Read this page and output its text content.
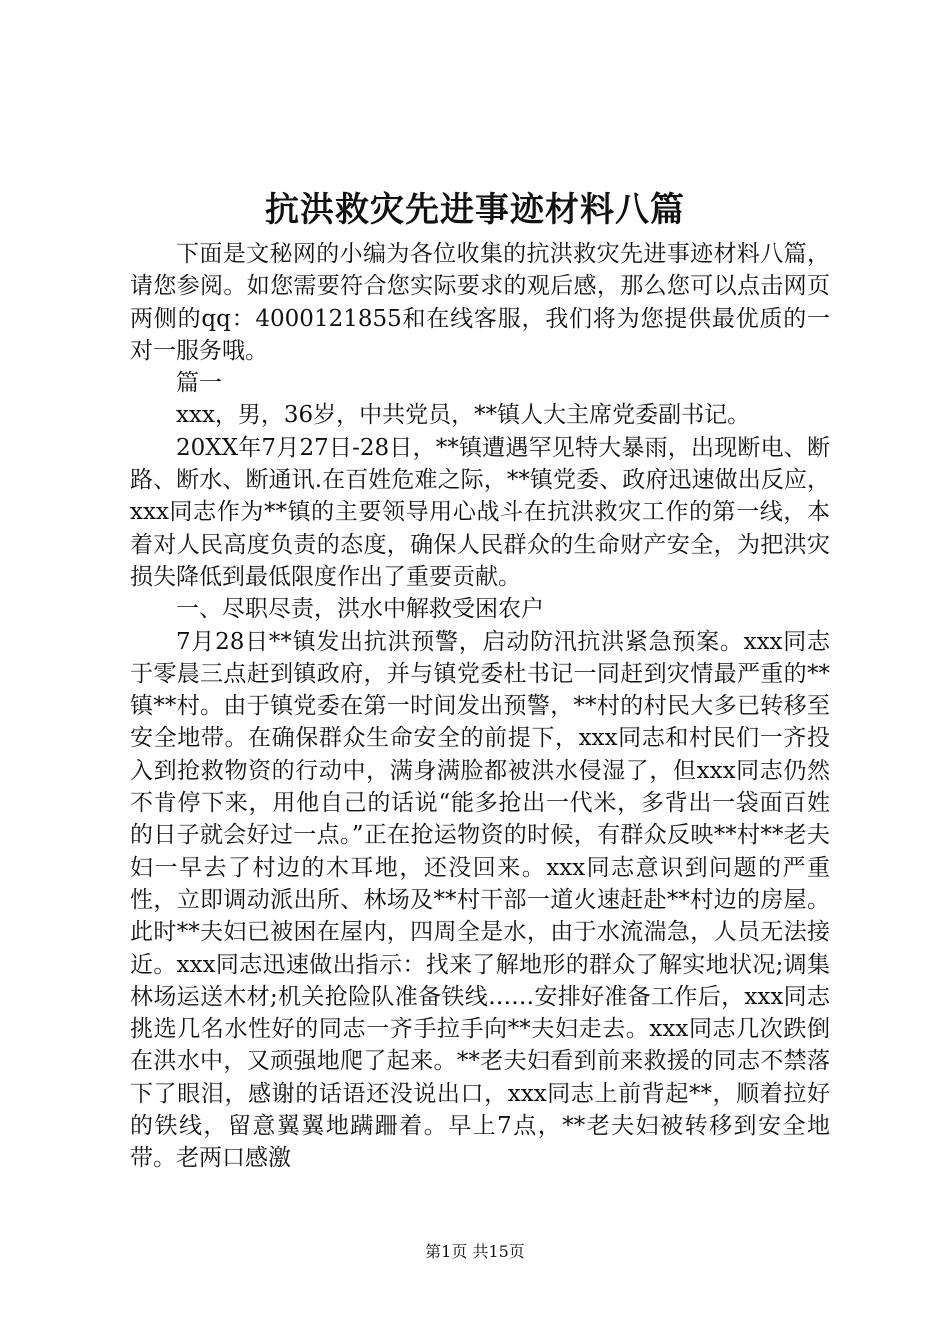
抗洪救灾先进事迹材料八篇

下面是文秘网的小编为各位收集的抗洪救灾先进事迹材料八篇，请您参阅。如您需要符合您实际要求的观后感，那么您可以点击网页两侧的qq：4000121855和在线客服，我们将为您提供最优质的一对一服务哦。

篇一

xxx，男，36岁，中共党员，**镇人大主席党委副书记。

20XX年7月27日-28日，**镇遭遇罕见特大暴雨，出现断电、断路、断水、断通讯.在百姓危难之际，**镇党委、政府迅速做出反应，xxx同志作为**镇的主要领导用心战斗在抗洪救灾工作的第一线，本着对人民高度负责的态度，确保人民群众的生命财产安全，为把洪灾损失降低到最低限度作出了重要贡献。

一、尽职尽责，洪水中解救受困农户

7月28日**镇发出抗洪预警，启动防汛抗洪紧急预案。xxx同志于零晨三点赶到镇政府，并与镇党委杜书记一同赶到灾情最严重的**镇**村。由于镇党委在第一时间发出预警，**村的村民大多已转移至安全地带。在确保群众生命安全的前提下，xxx同志和村民们一齐投入到抢救物资的行动中，满身满脸都被洪水侵湿了，但xxx同志仍然不肯停下来，用他自己的话说“能多抢出一代米，多背出一袋面百姓的日子就会好过一点。”正在抢运物资的时候，有群众反映**村**老夫妇一早去了村边的木耳地，还没回来。xxx同志意识到问题的严重性，立即调动派出所、林场及**村干部一道火速赶赴**村边的房屋。此时**夫妇已被困在屋内，四周全是水，由于水流湍急，人员无法接近。xxx同志迅速做出指示：找来了解地形的群众了解实地状况;调集林场运送木材;机关抢险队准备铁线……安排好准备工作后，xxx同志挑选几名水性好的同志一齐手拉手向**夫妇走去。xxx同志几次跌倒在洪水中，又顽强地爬了起来。**老夫妇看到前来救援的同志不禁落下了眼泪，感谢的话语还没说出口，xxx同志上前背起**，顺着拉好的铁线，留意翼翼地蹒跚着。早上7点，**老夫妇被转移到安全地带。老两口感激

第1页 共15页
